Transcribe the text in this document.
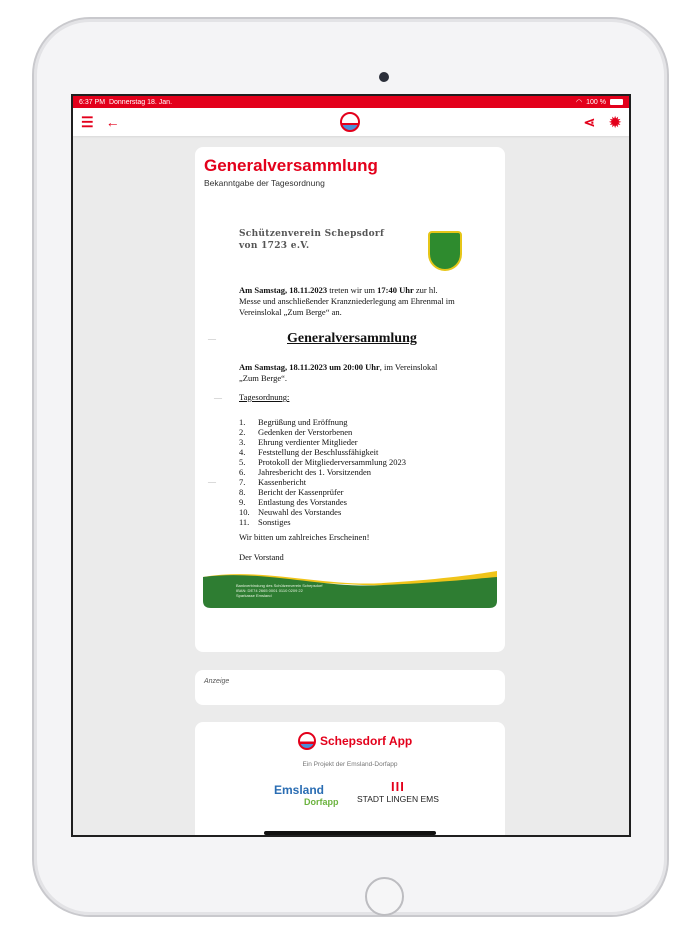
6:37 PM Donnerstag 18. Jan.	◠ 100 %
☰ ←	⋖ ✹
Generalversammlung
Bekanntgabe der Tagesordnung

Schützenverein Schepsdorf

von 1723 e.V.

Am Samstag, 18.11.2023 treten wir um 17:40 Uhr zur hl.
Messe und anschließender Kranzniederlegung am Ehrenmal im
Vereinslokal „Zum Berge“ an.

—	Generalversammlung

Am Samstag, 18.11.2023 um 20:00 Uhr, im Vereinslokal
„Zum Berge“.

— Tagesordnung:

1. Begrüßung und Eröffnung
2. Gedenken der Verstorbenen
3. Ehrung verdienter Mitglieder
4. Feststellung der Beschlussfähigkeit
5. Protokoll der Mitgliederversammlung 2023
6. Jahresbericht des 1. Vorsitzenden
7. Kassenbericht
8. Bericht der Kassenprüfer
9. Entlastung des Vorstandes
10. Neuwahl des Vorstandes
11. Sonstiges
—

Wir bitten um zahlreiches Erscheinen!

Der Vorstand

Bankverbindung des Schützenverein Schepsdorf
IBAN: DE74 2665 0001 0110 0209 22
Sparkasse Emsland
Anzeige
Schepsdorf App
Ein Projekt der Emsland-Dorfapp
Emsland
Dorfapp
III
STADT LINGEN EMS
